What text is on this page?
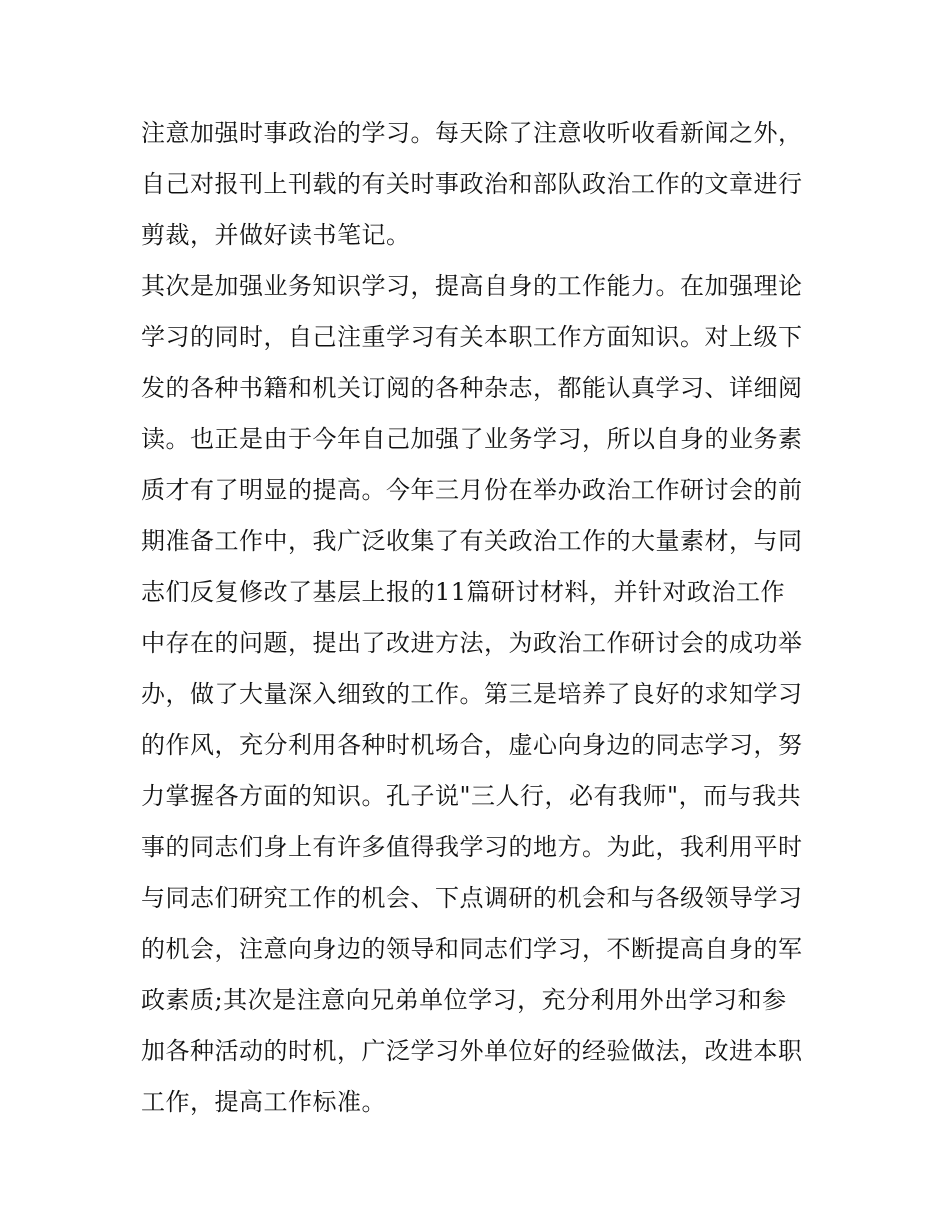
注意加强时事政治的学习。每天除了注意收听收看新闻之外，
自己对报刊上刊载的有关时事政治和部队政治工作的文章进行
剪裁，并做好读书笔记。
其次是加强业务知识学习，提高自身的工作能力。在加强理论
学习的同时，自己注重学习有关本职工作方面知识。对上级下
发的各种书籍和机关订阅的各种杂志，都能认真学习、详细阅
读。也正是由于今年自己加强了业务学习，所以自身的业务素
质才有了明显的提高。今年三月份在举办政治工作研讨会的前
期准备工作中，我广泛收集了有关政治工作的大量素材，与同
志们反复修改了基层上报的11篇研讨材料，并针对政治工作
中存在的问题，提出了改进方法，为政治工作研讨会的成功举
办，做了大量深入细致的工作。第三是培养了良好的求知学习
的作风，充分利用各种时机场合，虚心向身边的同志学习，努
力掌握各方面的知识。孔子说"三人行，必有我师"，而与我共
事的同志们身上有许多值得我学习的地方。为此，我利用平时
与同志们研究工作的机会、下点调研的机会和与各级领导学习
的机会，注意向身边的领导和同志们学习，不断提高自身的军
政素质;其次是注意向兄弟单位学习，充分利用外出学习和参
加各种活动的时机，广泛学习外单位好的经验做法，改进本职
工作，提高工作标准。
